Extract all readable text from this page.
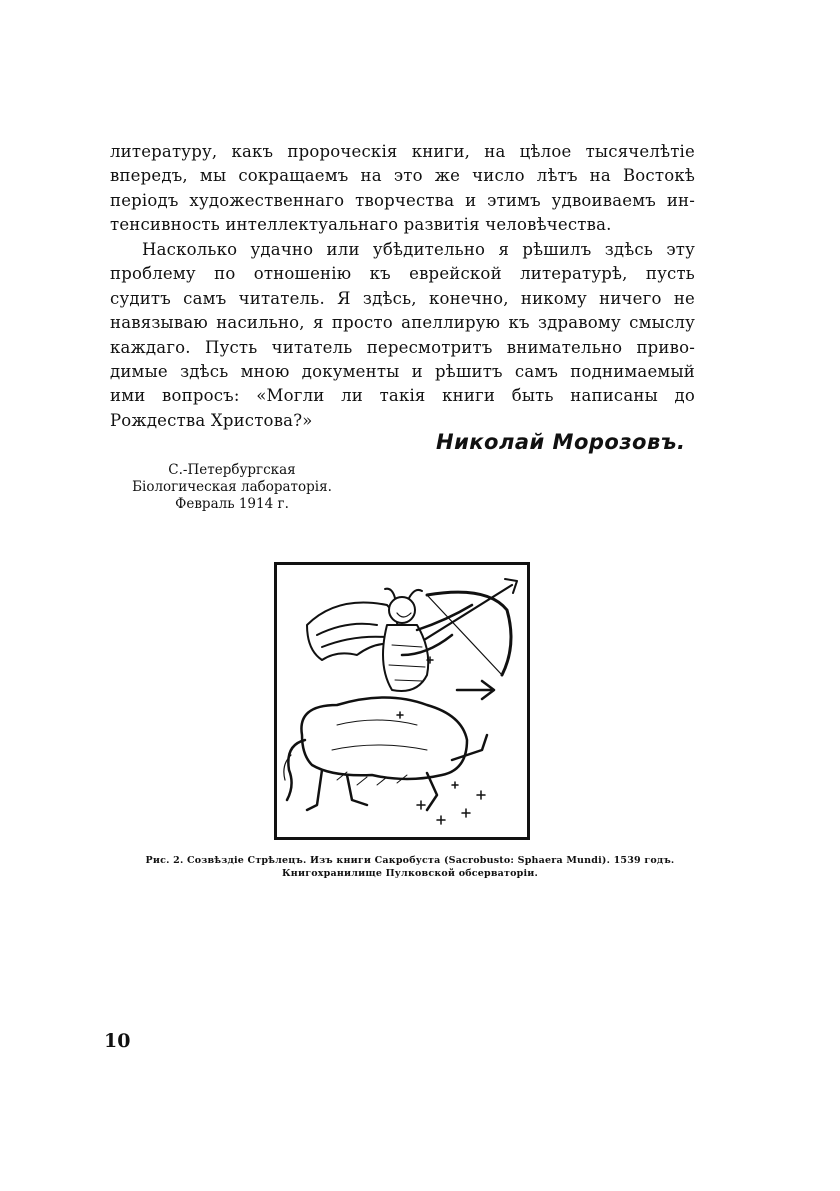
литературу, какъ пророческія книги, на цѣлое тысячелѣтіе
впередъ, мы сокращаемъ на это же число лѣтъ на Востокѣ
періодъ художественнаго творчества и этимъ удвоиваемъ ин-
тенсивность интеллектуальнаго развитія человѣчества.
Насколько удачно или убѣдительно я рѣшилъ здѣсь эту
проблему по отношенію къ еврейской литературѣ, пусть
судитъ самъ читатель. Я здѣсь, конечно, никому ничего не
навязываю насильно, я просто апеллирую къ здравому смыслу
каждаго. Пусть читатель пересмотритъ внимательно приво-
димые здѣсь мною документы и рѣшитъ самъ поднимаемый
ими вопросъ: «Могли ли такія книги быть написаны до
Рождества Христова?»
Николай Морозовъ.
С.-Петербургская
Біологическая лабораторія.
Февраль 1914 г.
Рис. 2. Созвѣздіе Стрѣлецъ. Изъ книги Сакробуста (Sacrobusto: Sphaera Mundi). 1539 годъ.
Книгохранилище Пулковской обсерваторіи.
10
